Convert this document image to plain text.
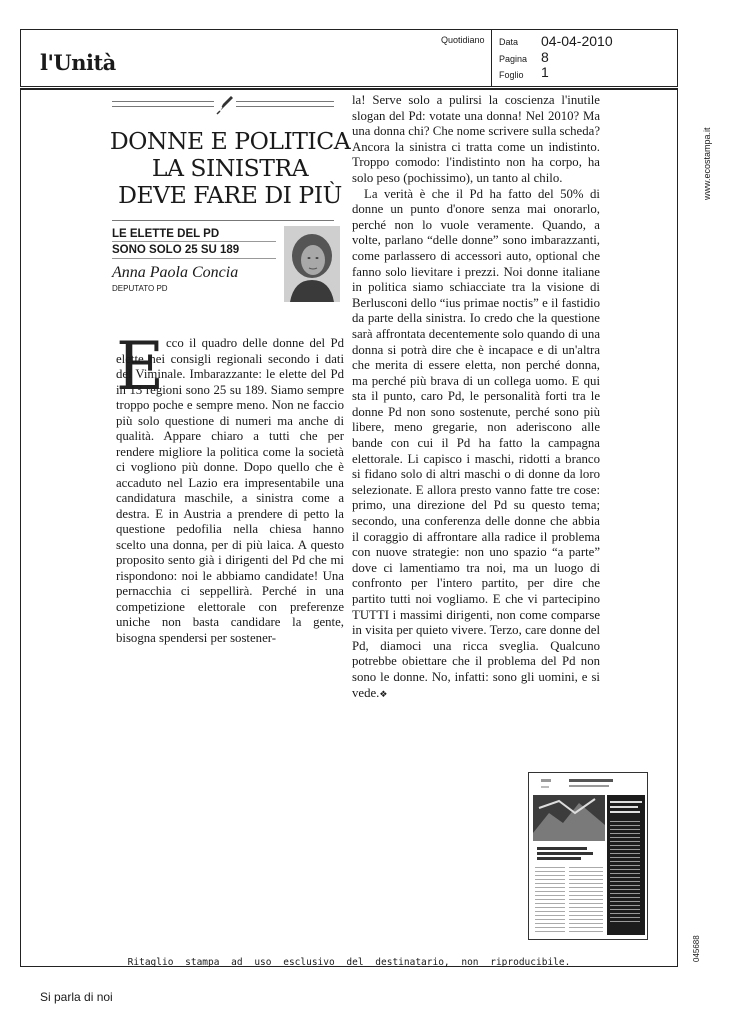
l'Unità
Quotidiano Data 04-04-2010
Pagina 8
Foglio 1
DONNE E POLITICA
LA SINISTRA
DEVE FARE DI PIÙ
LE ELETTE DEL PD
SONO SOLO 25 SU 189
Anna Paola Concia
DEPUTATO PD
E cco il quadro delle donne del Pd elette nei consigli regionali secondo i dati del Viminale. Imbarazzante: le elette del Pd in 13 regioni sono 25 su 189. Siamo sempre troppo poche e sempre meno. Non ne faccio più solo questione di numeri ma anche di qualità. Appare chiaro a tutti che per rendere migliore la politica come la società ci vogliono più donne. Dopo quello che è accaduto nel Lazio era impresentabile una candidatura maschile, a sinistra come a destra. E in Austria a prendere di petto la questione pedofilia nella chiesa hanno scelto una donna, per di più laica. A questo proposito sento già i dirigenti del Pd che mi rispondono: noi le abbiamo candidate! Una pernacchia ci seppellirà. Perché in una competizione elettorale con preferenze uniche non basta candidare la gente, bisogna spendersi per sostener-

la! Serve solo a pulirsi la coscienza l'inutile slogan del Pd: votate una donna! Nel 2010? Ma una donna chi? Che nome scrivere sulla scheda? Ancora la sinistra ci tratta come un indistinto. Troppo comodo: l'indistinto non ha corpo, ha solo peso (pochissimo), un tanto al chilo.

La verità è che il Pd ha fatto del 50% di donne un punto d'onore senza mai onorarlo, perché non lo vuole veramente. Quando, a volte, parlano “delle donne” sono imbarazzanti, come parlassero di accessori auto, optional che fanno solo lievitare i prezzi. Noi donne italiane in politica siamo schiacciate tra la visione di Berlusconi dello “ius primae noctis” e il fastidio da parte della sinistra. Io credo che la questione sarà affrontata decentemente solo quando di una donna si potrà dire che è incapace e di un'altra che merita di essere eletta, non perché donna, ma perché più brava di un collega uomo. E qui sta il punto, caro Pd, le personalità forti tra le donne Pd non sono sostenute, perché sono più libere, meno gregarie, non aderiscono alle bande con cui il Pd ha fatto la campagna elettorale. Li capisco i maschi, ridotti a branco si fidano solo di altri maschi o di donne da loro selezionate. E allora presto vanno fatte tre cose: primo, una direzione del Pd su questo tema; secondo, una conferenza delle donne che abbia il coraggio di affrontare alla radice il problema con nuove strategie: non uno spazio “a parte” dove ci lamentiamo tra noi, ma un luogo di confronto per l'intero partito, per dire che partito tutti noi vogliamo. E che vi partecipino TUTTI i massimi dirigenti, non come comparse in visita per quieto vivere. Terzo, care donne del Pd, diamoci una ricca sveglia. Qualcuno potrebbe obiettare che il problema del Pd non sono le donne. No, infatti: sono gli uomini, e si vede.❖

Ritaglio stampa ad uso esclusivo del destinatario, non riproducibile.
www.ecostampa.it
045688
Si parla di noi
